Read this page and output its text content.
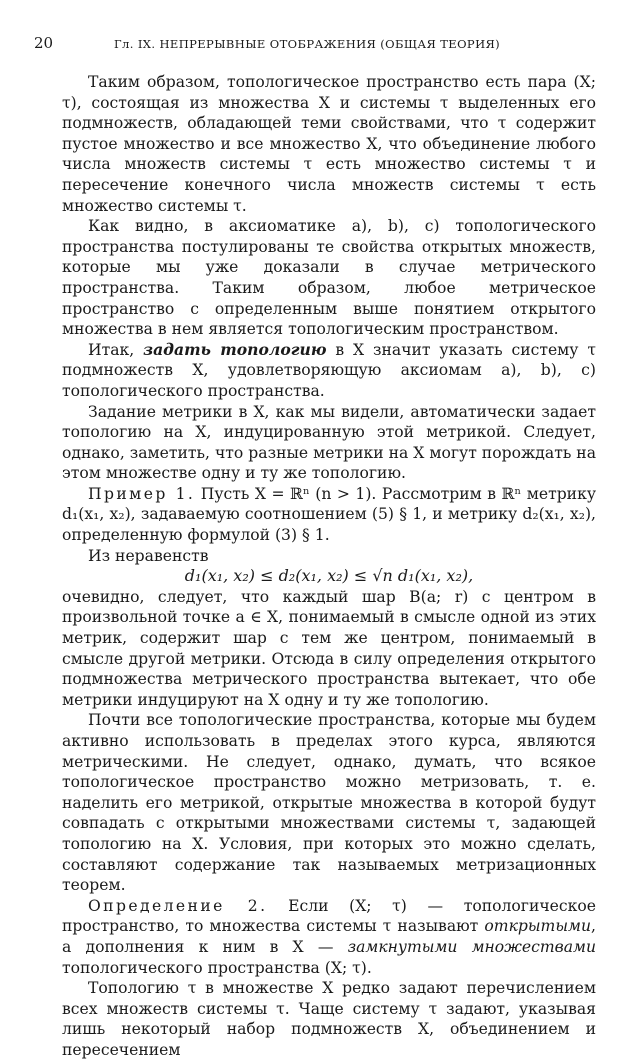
20	Гл. IX. НЕПРЕРЫВНЫЕ ОТОБРАЖЕНИЯ (ОБЩАЯ ТЕОРИЯ)

Таким образом, топологическое пространство есть пара (X; τ), состоящая из множества X и системы τ выделенных его подмножеств, обладающей теми свойствами, что τ содержит пустое множество и все множество X, что объединение любого числа множеств системы τ есть множество системы τ и пересечение конечного числа множеств системы τ есть множество системы τ.

Как видно, в аксиоматике a), b), c) топологического пространства постулированы те свойства открытых множеств, которые мы уже доказали в случае метрического пространства. Таким образом, любое метрическое пространство с определенным выше понятием открытого множества в нем является топологическим пространством.

Итак, задать топологию в X значит указать систему τ подмножеств X, удовлетворяющую аксиомам a), b), c) топологического пространства.

Задание метрики в X, как мы видели, автоматически задает топологию на X, индуцированную этой метрикой. Следует, однако, заметить, что разные метрики на X могут порождать на этом множестве одну и ту же топологию.

Пример 1. Пусть X = ℝⁿ (n > 1). Рассмотрим в ℝⁿ метрику d₁(x₁, x₂), задаваемую соотношением (5) § 1, и метрику d₂(x₁, x₂), определенную формулой (3) § 1.

Из неравенств

d₁(x₁, x₂) ≤ d₂(x₁, x₂) ≤ √n d₁(x₁, x₂),

очевидно, следует, что каждый шар B(a; r) с центром в произвольной точке a ∈ X, понимаемый в смысле одной из этих метрик, содержит шар с тем же центром, понимаемый в смысле другой метрики. Отсюда в силу определения открытого подмножества метрического пространства вытекает, что обе метрики индуцируют на X одну и ту же топологию.

Почти все топологические пространства, которые мы будем активно использовать в пределах этого курса, являются метрическими. Не следует, однако, думать, что всякое топологическое пространство можно метризовать, т. е. наделить его метрикой, открытые множества в которой будут совпадать с открытыми множествами системы τ, задающей топологию на X. Условия, при которых это можно сделать, составляют содержание так называемых метризационных теорем.

Определение 2. Если (X; τ) — топологическое пространство, то множества системы τ называют открытыми, а дополнения к ним в X — замкнутыми множествами топологического пространства (X; τ).

Топологию τ в множестве X редко задают перечислением всех множеств системы τ. Чаще систему τ задают, указывая лишь некоторый набор подмножеств X, объединением и пересечением
